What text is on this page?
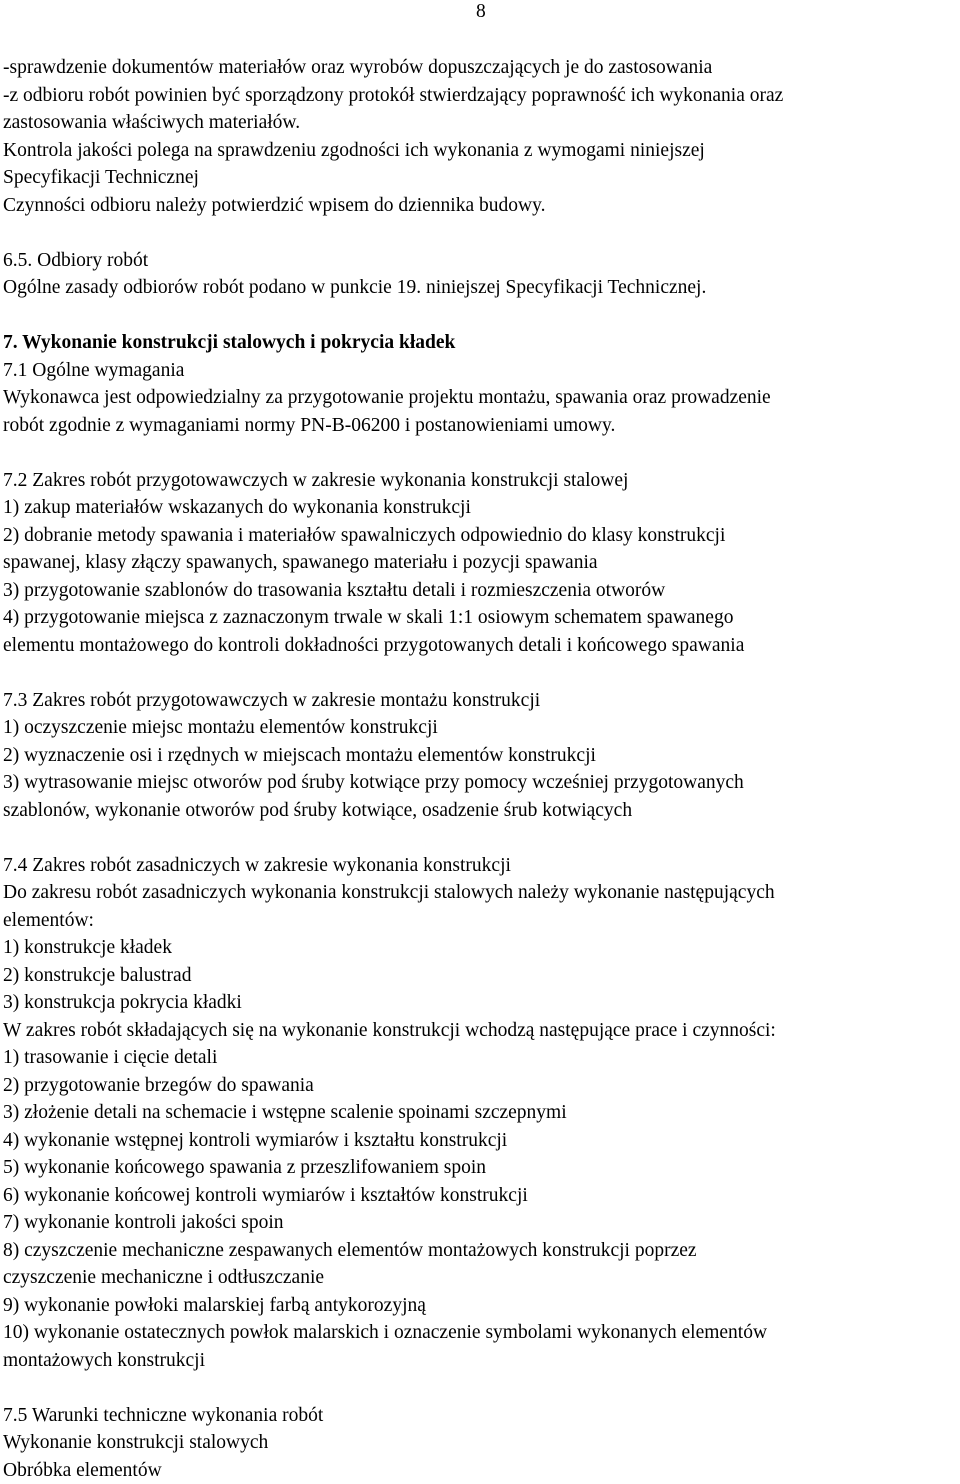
8
-sprawdzenie dokumentów materiałów oraz wyrobów dopuszczających je do zastosowania
-z odbioru robót powinien być sporządzony protokół stwierdzający poprawność ich wykonania oraz
zastosowania właściwych materiałów.
Kontrola jakości polega na sprawdzeniu zgodności ich wykonania z wymogami niniejszej
Specyfikacji Technicznej
Czynności odbioru należy potwierdzić wpisem do dziennika budowy.
6.5. Odbiory robót
Ogólne zasady odbiorów robót podano w punkcie 19. niniejszej Specyfikacji Technicznej.
7. Wykonanie konstrukcji stalowych i pokrycia kładek
7.1 Ogólne wymagania
Wykonawca jest odpowiedzialny za przygotowanie projektu montażu, spawania oraz prowadzenie
robót zgodnie z wymaganiami normy PN-B-06200 i postanowieniami umowy.
7.2 Zakres robót przygotowawczych w zakresie wykonania konstrukcji stalowej
1) zakup materiałów wskazanych do wykonania konstrukcji
2) dobranie metody spawania i materiałów spawalniczych odpowiednio do klasy konstrukcji
spawanej, klasy złączy spawanych, spawanego materiału i pozycji spawania
3) przygotowanie szablonów do trasowania kształtu detali i rozmieszczenia otworów
4) przygotowanie miejsca z zaznaczonym trwale w skali 1:1 osiowym schematem spawanego
elementu montażowego do kontroli dokładności przygotowanych detali i końcowego spawania
7.3 Zakres robót przygotowawczych w zakresie montażu konstrukcji
1) oczyszczenie miejsc montażu elementów konstrukcji
2) wyznaczenie osi i rzędnych w miejscach montażu elementów konstrukcji
3) wytrasowanie miejsc otworów pod śruby kotwiące przy pomocy wcześniej przygotowanych
szablonów, wykonanie otworów pod śruby kotwiące, osadzenie śrub kotwiących
7.4 Zakres robót zasadniczych w zakresie wykonania konstrukcji
Do zakresu robót zasadniczych wykonania konstrukcji stalowych należy wykonanie następujących
elementów:
1) konstrukcje kładek
2) konstrukcje balustrad
3) konstrukcja pokrycia kładki
W zakres robót składających się na wykonanie konstrukcji wchodzą następujące prace i czynności:
1) trasowanie i cięcie detali
2) przygotowanie brzegów do spawania
3) złożenie detali na schemacie i wstępne scalenie spoinami szczepnymi
4) wykonanie wstępnej kontroli wymiarów i kształtu konstrukcji
5) wykonanie końcowego spawania z przeszlifowaniem spoin
6) wykonanie końcowej kontroli wymiarów i kształtów konstrukcji
7) wykonanie kontroli jakości spoin
8) czyszczenie mechaniczne zespawanych elementów montażowych konstrukcji poprzez
czyszczenie mechaniczne i odtłuszczanie
9) wykonanie powłoki malarskiej farbą antykorozyjną
10) wykonanie ostatecznych powłok malarskich i oznaczenie symbolami wykonanych elementów
montażowych konstrukcji
7.5 Warunki techniczne wykonania robót
Wykonanie konstrukcji stalowych
Obróbka elementów
